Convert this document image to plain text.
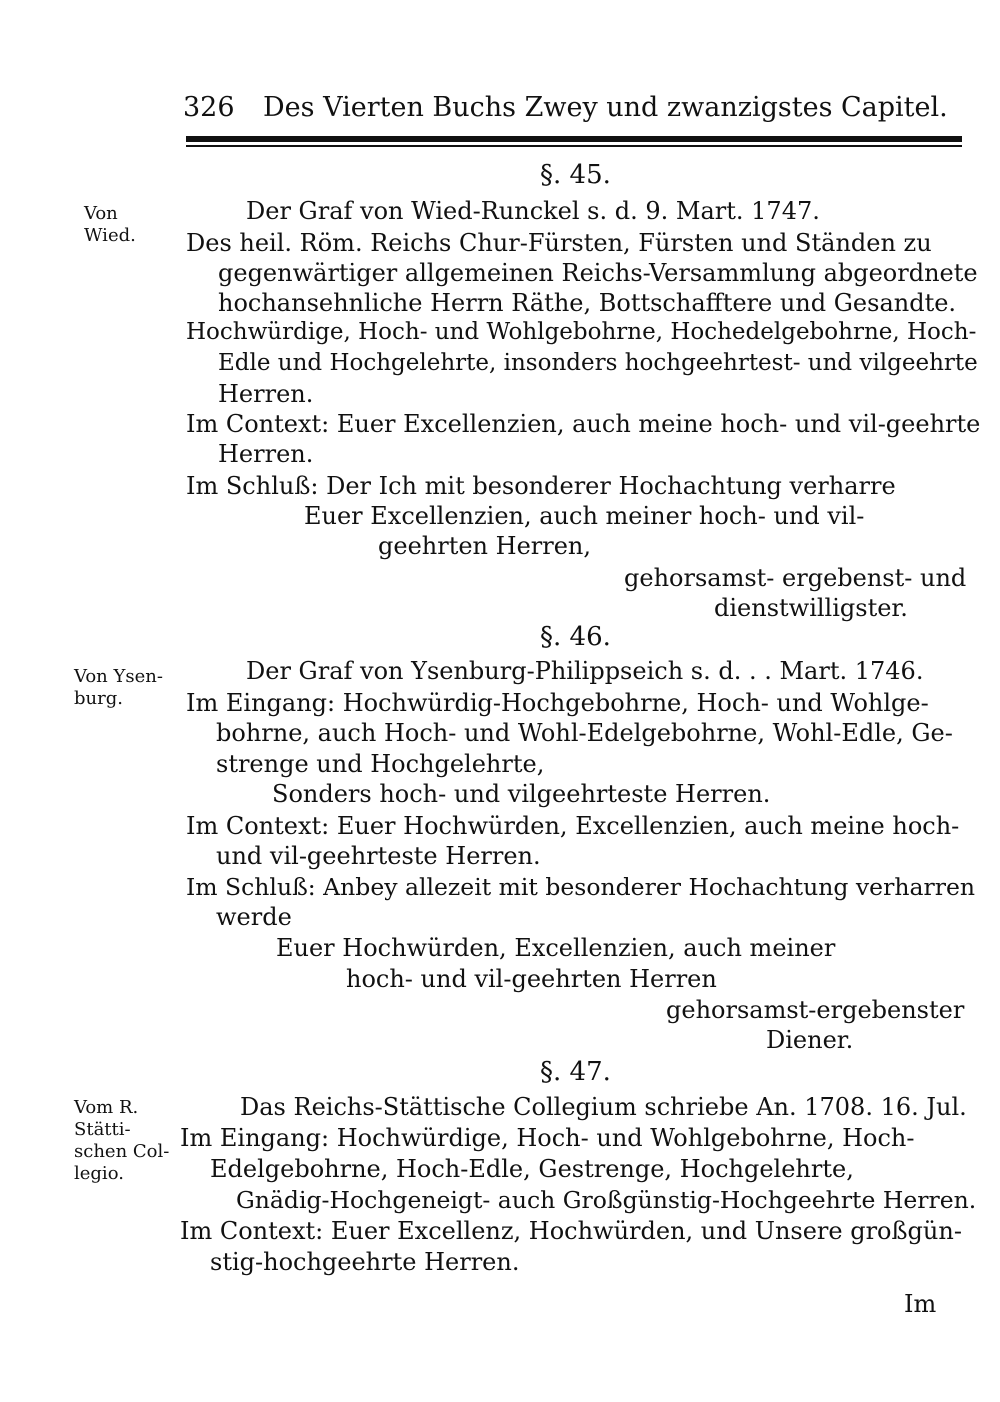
326 Des Vierten Buchs Zwey und zwanzigstes Capitel.
Von
Wied.
Von Ysen-
burg.
Vom R.
Stätti-
schen Col-
legio.
§. 45.
Der Graf von Wied-Runckel s. d. 9. Mart. 1747.
Des heil. Röm. Reichs Chur-Fürsten, Fürsten und Ständen zu
gegenwärtiger allgemeinen Reichs-Versammlung abgeordnete
hochansehnliche Herrn Räthe, Bottschafftere und Gesandte.
Hochwürdige, Hoch- und Wohlgebohrne, Hochedelgebohrne, Hoch-
Edle und Hochgelehrte, insonders hochgeehrtest- und vilgeehrte
Herren.
Im Context: Euer Excellenzien, auch meine hoch- und vil-geehrte
Herren.
Im Schluß: Der Ich mit besonderer Hochachtung verharre
Euer Excellenzien, auch meiner hoch- und vil-
geehrten Herren,
gehorsamst- ergebenst- und
dienstwilligster.
§. 46.
Der Graf von Ysenburg-Philippseich s. d. . . Mart. 1746.
Im Eingang: Hochwürdig-Hochgebohrne, Hoch- und Wohlge-
bohrne, auch Hoch- und Wohl-Edelgebohrne, Wohl-Edle, Ge-
strenge und Hochgelehrte,
Sonders hoch- und vilgeehrteste Herren.
Im Context: Euer Hochwürden, Excellenzien, auch meine hoch-
und vil-geehrteste Herren.
Im Schluß: Anbey allezeit mit besonderer Hochachtung verharren
werde
Euer Hochwürden, Excellenzien, auch meiner
hoch- und vil-geehrten Herren
gehorsamst-ergebenster
Diener.
§. 47.
Das Reichs-Stättische Collegium schriebe An. 1708. 16. Jul.
Im Eingang: Hochwürdige, Hoch- und Wohlgebohrne, Hoch-
Edelgebohrne, Hoch-Edle, Gestrenge, Hochgelehrte,
Gnädig-Hochgeneigt- auch Großgünstig-Hochgeehrte Herren.
Im Context: Euer Excellenz, Hochwürden, und Unsere großgün-
stig-hochgeehrte Herren.
Im
